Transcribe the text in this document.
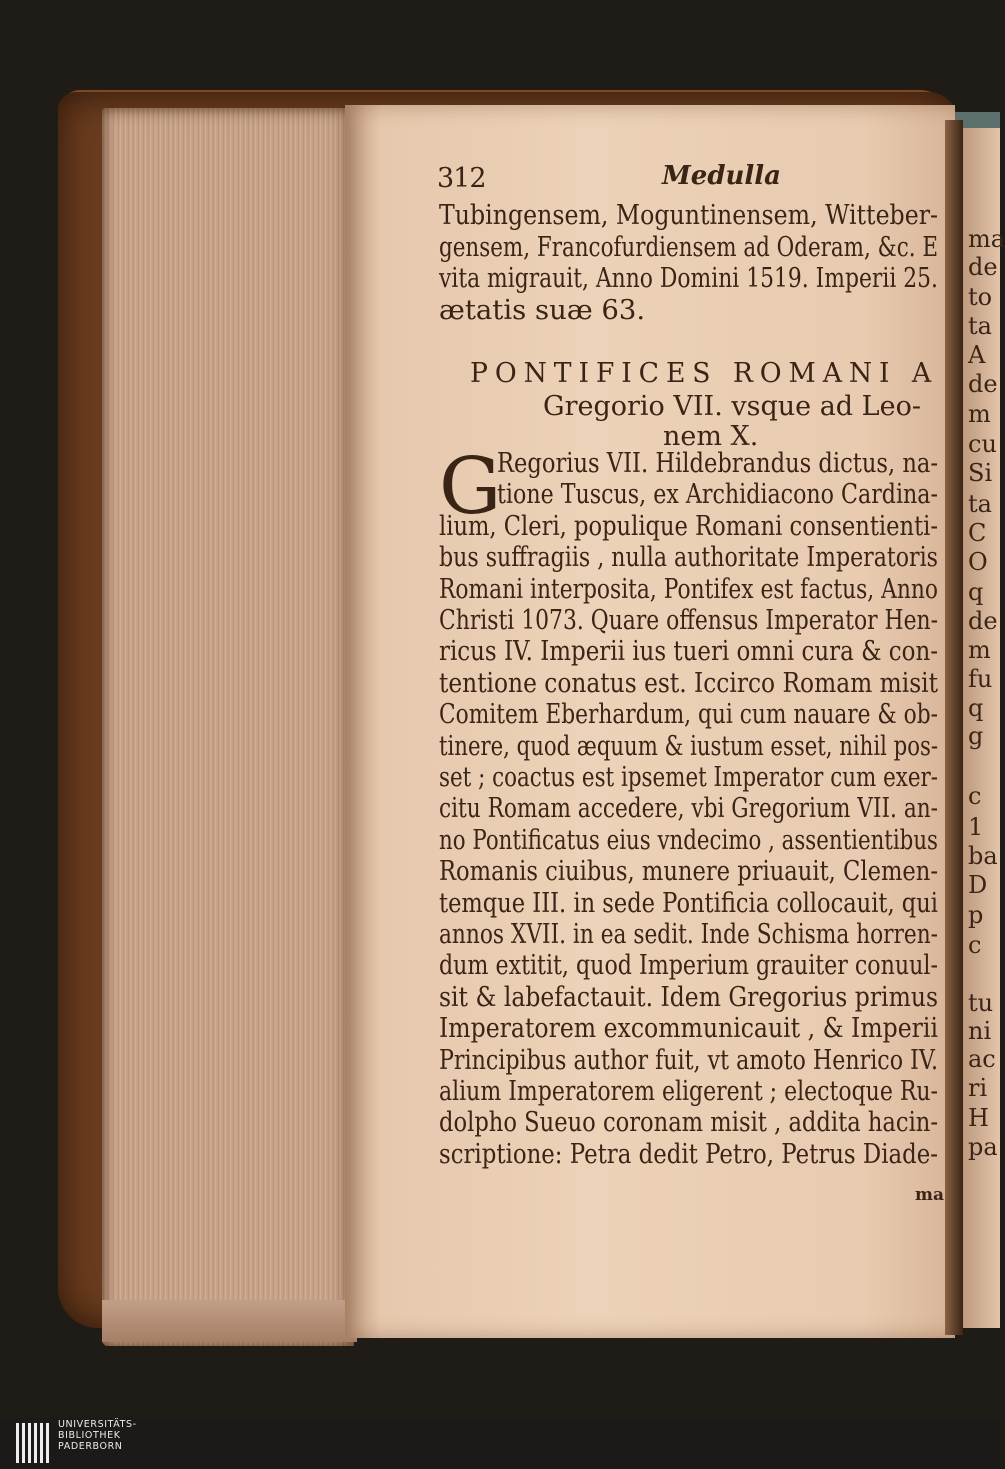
312	Medulla
Tubingensem, Moguntinensem, Witteber-
gensem, Francofurdiensem ad Oderam, &c. E
vita migrauit, Anno Domini 1519. Imperii 25.
ætatis suæ 63.
PONTIFICES ROMANI A
Gregorio VII. vsque ad Leo-
nem X.
G
Regorius VII. Hildebrandus dictus, na-
tione Tuscus, ex Archidiacono Cardina-
lium, Cleri, populique Romani consentienti-
bus suffragiis , nulla authoritate Imperatoris
Romani interposita, Pontifex est factus, Anno
Christi 1073. Quare offensus Imperator Hen-
ricus IV. Imperii ius tueri omni cura & con-
tentione conatus est. Iccirco Romam misit
Comitem Eberhardum, qui cum nauare & ob-
tinere, quod æquum & iustum esset, nihil pos-
set ; coactus est ipsemet Imperator cum exer-
citu Romam accedere, vbi Gregorium VII. an-
no Pontificatus eius vndecimo , assentientibus
Romanis ciuibus, munere priuauit, Clemen-
temque III. in sede Pontificia collocauit, qui
annos XVII. in ea sedit. Inde Schisma horren-
dum extitit, quod Imperium grauiter conuul-
sit & labefactauit. Idem Gregorius primus
Imperatorem excommunicauit , & Imperii
Principibus author fuit, vt amoto Henrico IV.
alium Imperatorem eligerent ; electoque Ru-
dolpho Sueuo coronam misit , addita hacin-
scriptione: Petra dedit Petro, Petrus Diade-
ma
ma
de
to
ta
A
de
m
cu
Si
ta
C
O
q
de
m
fu
q
g
c
1
ba
D
p
c
tu
ni
ac
ri
H
pa
UNIVERSITÄTS-
BIBLIOTHEK
PADERBORN
